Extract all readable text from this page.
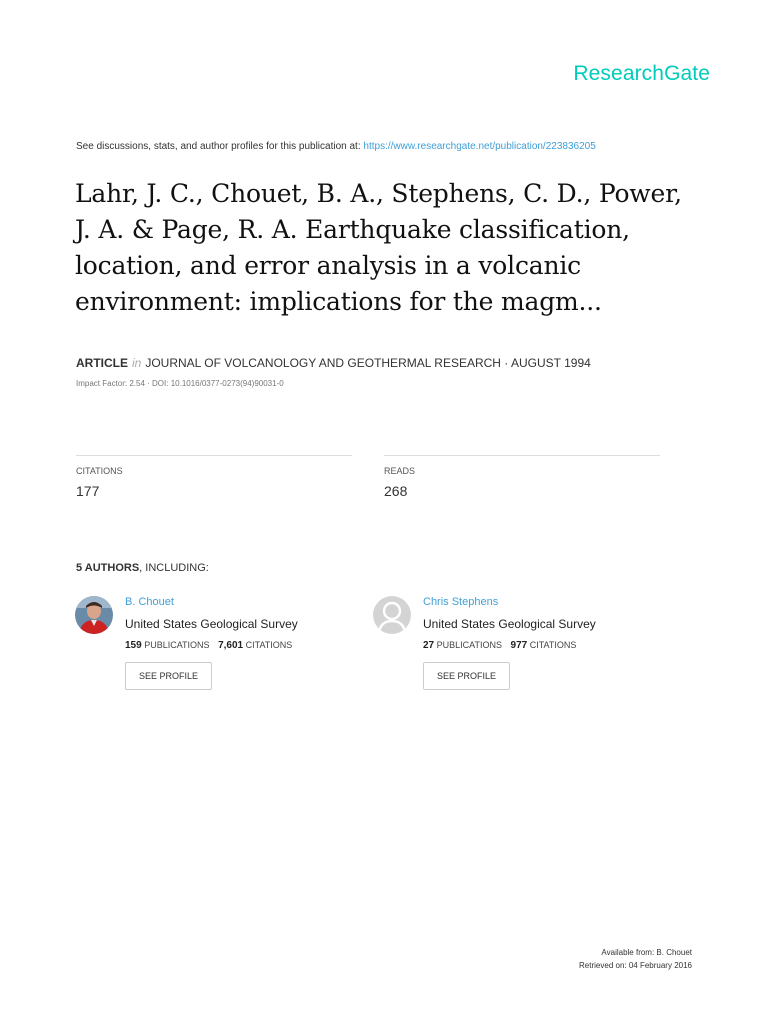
ResearchGate
See discussions, stats, and author profiles for this publication at: https://www.researchgate.net/publication/223836205
Lahr, J. C., Chouet, B. A., Stephens, C. D., Power, J. A. & Page, R. A. Earthquake classification, location, and error analysis in a volcanic environment: implications for the magm...
ARTICLE in JOURNAL OF VOLCANOLOGY AND GEOTHERMAL RESEARCH · AUGUST 1994
Impact Factor: 2.54 · DOI: 10.1016/0377-0273(94)90031-0
CITATIONS
177
READS
268
5 AUTHORS, INCLUDING:
B. Chouet
United States Geological Survey
159 PUBLICATIONS 7,601 CITATIONS
SEE PROFILE
Chris Stephens
United States Geological Survey
27 PUBLICATIONS 977 CITATIONS
SEE PROFILE
Available from: B. Chouet
Retrieved on: 04 February 2016
